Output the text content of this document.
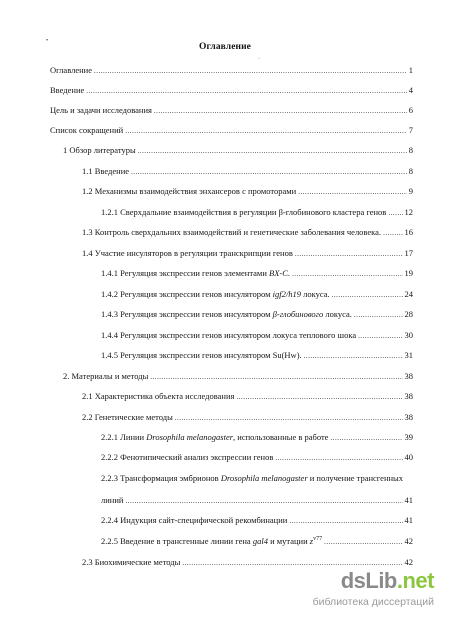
•
·
Оглавление
Оглавление .....	1
Введение .....	4
Цель и задачи исследования .....	6
Список сокращений .....	7
1 Обзор литературы .....	8
1.1 Введение .....	8
1.2 Механизмы взаимодействия энхансеров с промоторами .....	9
1.2.1 Сверхдальние взаимодействия в регуляции β-глобинового кластера генов ..... 12
1.3 Контроль сверхдальних взаимодействий и генетические заболевания человека. .....	16
1.4 Участие инсуляторов в регуляции транскрипции генов .....	17
1.4.1 Регуляция экспрессии генов элементами BX-C. .....	19
1.4.2 Регуляция экспрессии генов инсулятором igf2/h19 локуса. .....	24
1.4.3 Регуляция экспрессии генов инсулятором β-глобинового локуса. .....	28
1.4.4 Регуляция экспрессии генов инсулятором локуса теплового шока .....	30
1.4.5 Регуляция экспрессии генов инсулятором Su(Hw). .....	31
2. Материалы и методы .....	38
2.1 Характеристика объекта исследования .....	38
2.2 Генетические методы .....	38
2.2.1 Линии Drosophila melanogaster, использованные в работе .....	39
2.2.2 Фенотипический анализ экспрессии генов .....	40
2.2.3 Трансформация эмбрионов Drosophila melanogaster и получение трансгенных
линий .....	41
2.2.4 Индукция сайт-специфической рекомбинации .....	41
2.2.5 Введение в трансгенные линии гена gal4 и мутации $z^{v77}$ .....	42
2.3 Биохимические методы .....	42
dsLib.net
библиотека диссертаций
